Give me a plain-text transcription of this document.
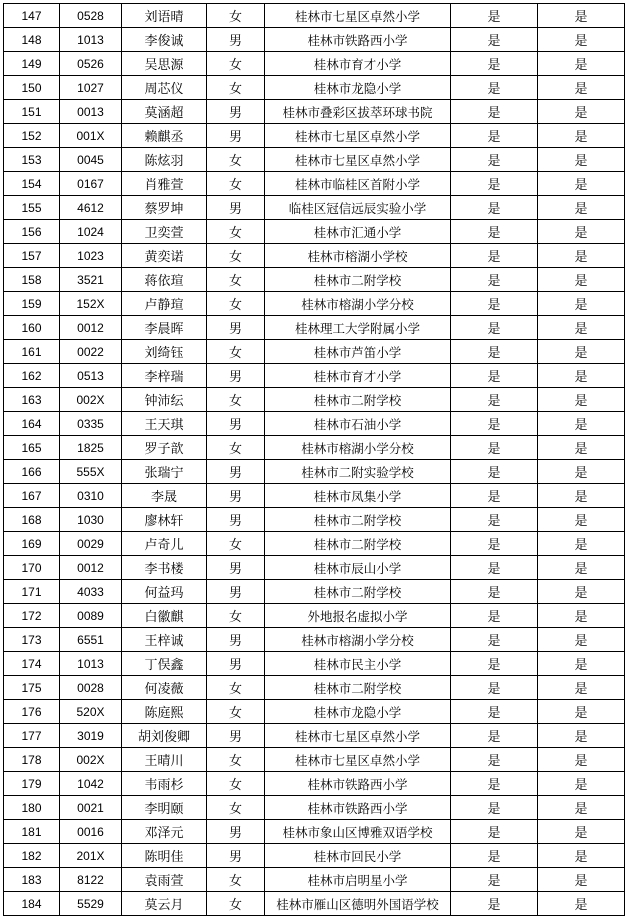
147	0528	刘语晴	女	桂林市七星区卓然小学	是	是
148	1013	李俊诚	男	桂林市铁路西小学	是	是
149	0526	吴思源	女	桂林市育才小学	是	是
150	1027	周芯仪	女	桂林市龙隐小学	是	是
151	0013	莫涵超	男	桂林市叠彩区拔萃环球书院	是	是
152	001X	赖麒丞	男	桂林市七星区卓然小学	是	是
153	0045	陈炫羽	女	桂林市七星区卓然小学	是	是
154	0167	肖雅萱	女	桂林市临桂区首附小学	是	是
155	4612	蔡罗坤	男	临桂区冠信远辰实验小学	是	是
156	1024	卫奕萱	女	桂林市汇通小学	是	是
157	1023	黄奕诺	女	桂林市榕湖小学校	是	是
158	3521	蒋依瑄	女	桂林市二附学校	是	是
159	152X	卢静瑄	女	桂林市榕湖小学分校	是	是
160	0012	李晨晖	男	桂林理工大学附属小学	是	是
161	0022	刘绮钰	女	桂林市芦笛小学	是	是
162	0513	李梓瑞	男	桂林市育才小学	是	是
163	002X	钟沛纭	女	桂林市二附学校	是	是
164	0335	王天琪	男	桂林市石油小学	是	是
165	1825	罗子歆	女	桂林市榕湖小学分校	是	是
166	555X	张瑞宁	男	桂林市二附实验学校	是	是
167	0310	李晟	男	桂林市凤集小学	是	是
168	1030	廖林轩	男	桂林市二附学校	是	是
169	0029	卢奇儿	女	桂林市二附学校	是	是
170	0012	李书楼	男	桂林市辰山小学	是	是
171	4033	何益玛	男	桂林市二附学校	是	是
172	0089	白徽麒	女	外地报名虚拟小学	是	是
173	6551	王梓诚	男	桂林市榕湖小学分校	是	是
174	1013	丁俣鑫	男	桂林市民主小学	是	是
175	0028	何凌薇	女	桂林市二附学校	是	是
176	520X	陈庭熙	女	桂林市龙隐小学	是	是
177	3019	胡刘俊卿	男	桂林市七星区卓然小学	是	是
178	002X	王晴川	女	桂林市七星区卓然小学	是	是
179	1042	韦雨杉	女	桂林市铁路西小学	是	是
180	0021	李明颐	女	桂林市铁路西小学	是	是
181	0016	邓泽元	男	桂林市象山区博雅双语学校	是	是
182	201X	陈明佳	男	桂林市回民小学	是	是
183	8122	袁雨萱	女	桂林市启明星小学	是	是
184	5529	莫云月	女	桂林市雁山区德明外国语学校	是	是
